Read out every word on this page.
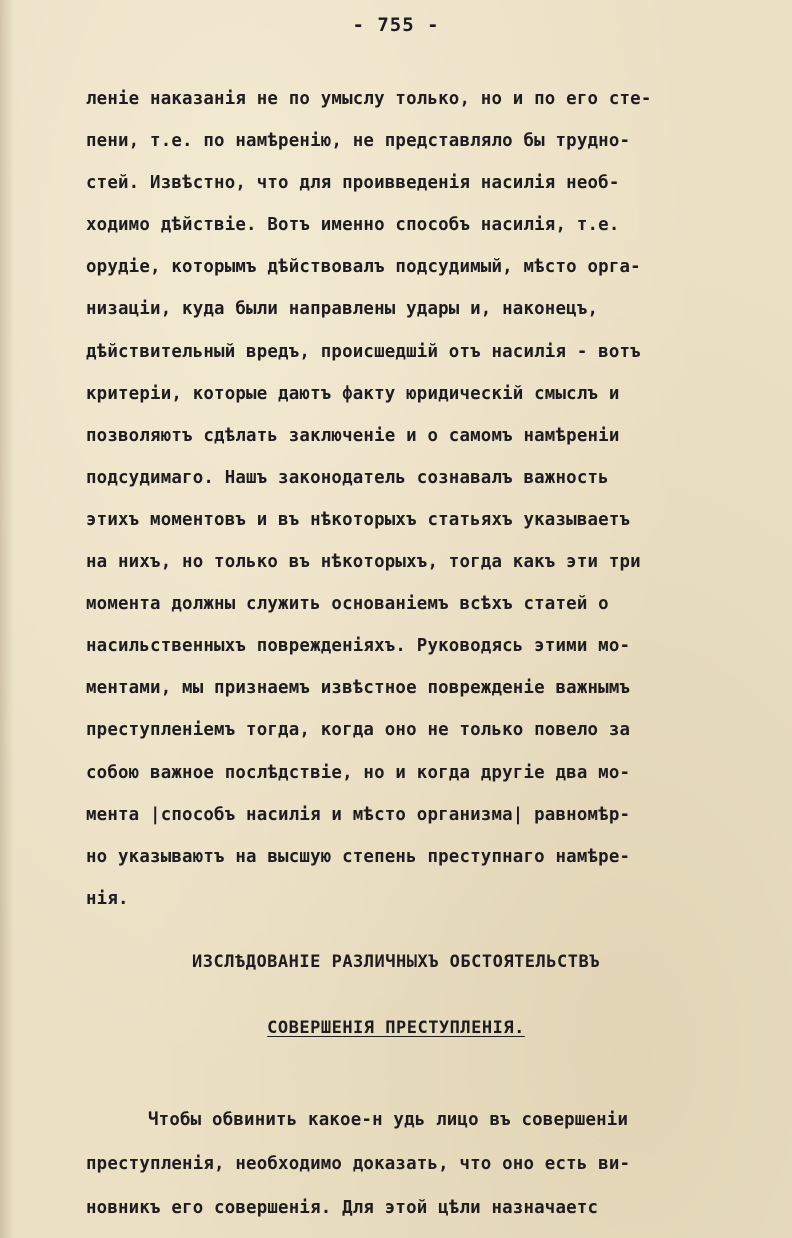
- 755 -
леніе наказанія не по умыслу только, но и по его сте-
пени, т.е. по намѣренію, не представляло бы трудно-
стей. Извѣстно, что для проивведенія насилія необ-
ходимо дѣйствіе. Вотъ именно способъ насилія, т.е.
орудіе, которымъ дѣйствовалъ подсудимый, мѣсто орга-
низаціи, куда были направлены удары и, наконецъ,
дѣйствительный вредъ, происшедшій отъ насилія - вотъ
критеріи, которые даютъ факту юридическій смыслъ и
позволяютъ сдѣлать заключеніе и о самомъ намѣреніи
подсудимаго. Нашъ законодатель сознавалъ важность
этихъ моментовъ и въ нѣкоторыхъ статьяхъ указываетъ
на нихъ, но только въ нѣкоторыхъ, тогда какъ эти три
момента должны служить основаніемъ всѣхъ статей о
насильственныхъ поврежденіяхъ. Руководясь этими мо-
ментами, мы признаемъ извѣстное поврежденіе важнымъ
преступленіемъ тогда, когда оно не только повело за
собою важное послѣдствіе, но и когда другіе два мо-
мента |способъ насилія и мѣсто организма| равномѣр-
но указываютъ на высшую степень преступнаго намѣре-
нія.
ИЗСЛѢДОВАНІЕ РАЗЛИЧНЫХЪ ОБСТОЯТЕЛЬСТВЪ
СОВЕРШЕНІЯ ПРЕСТУПЛЕНІЯ.
Чтобы обвинить какое-н удь лицо въ совершеніи
преступленія, необходимо доказать, что оно есть ви-
новникъ его совершенія. Для этой цѣли назначаетс
